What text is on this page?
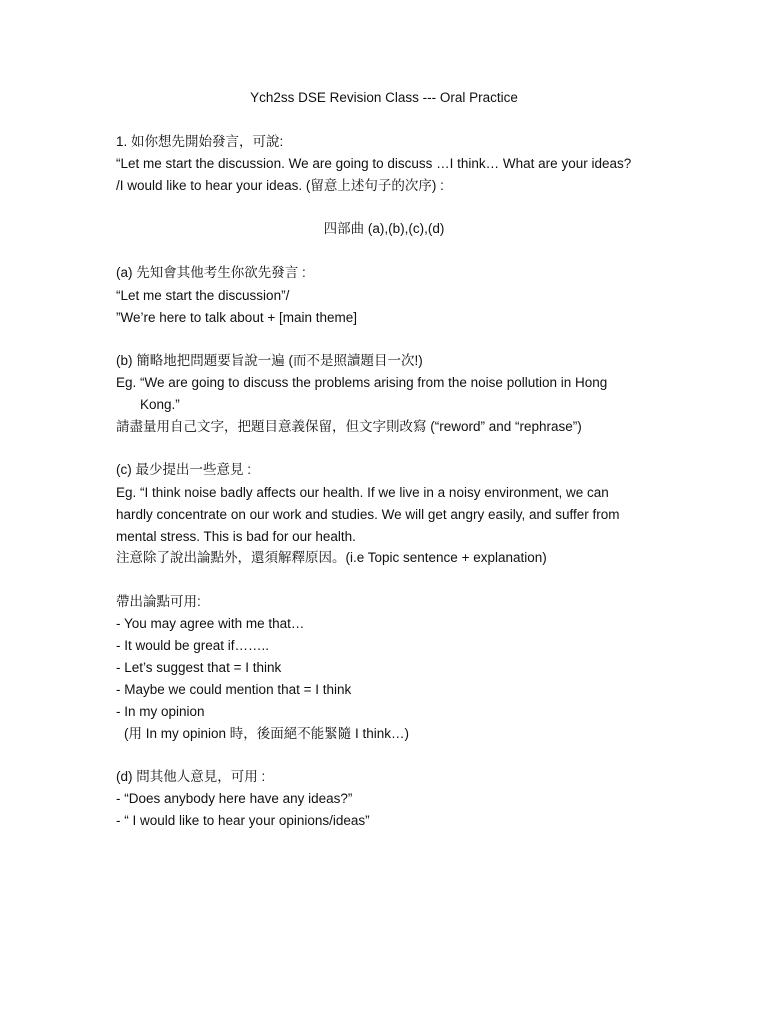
Ych2ss DSE Revision Class --- Oral Practice
1. 如你想先開始發言，可說:
“Let me start the discussion. We are going to discuss …I think… What are your ideas?
/I would like to hear your ideas. (留意上述句子的次序) :
四部曲 (a),(b),(c),(d)
(a) 先知會其他考生你欲先發言 :
“Let me start the discussion”/
”We’re here to talk about + [main theme]
(b) 簡略地把問題要旨說一遍 (而不是照讀題目一次!)
Eg. “We are going to discuss the problems arising from the noise pollution in Hong
Kong.”
請盡量用自己文字，把題目意義保留，但文字則改寫 (“reword” and “rephrase”)
(c) 最少提出一些意見 :
Eg. “I think noise badly affects our health. If we live in a noisy environment, we can
hardly concentrate on our work and studies. We will get angry easily, and suffer from
mental stress. This is bad for our health.
注意除了說出論點外，還須解釋原因。(i.e Topic sentence + explanation)
帶出論點可用:
- You may agree with me that…
- It would be great if……..
- Let’s suggest that = I think
- Maybe we could mention that = I think
- In my opinion
(用 In my opinion 時，後面絕不能緊隨 I think…)
(d) 問其他人意見，可用 :
- “Does anybody here have any ideas?”
- “ I would like to hear your opinions/ideas”
